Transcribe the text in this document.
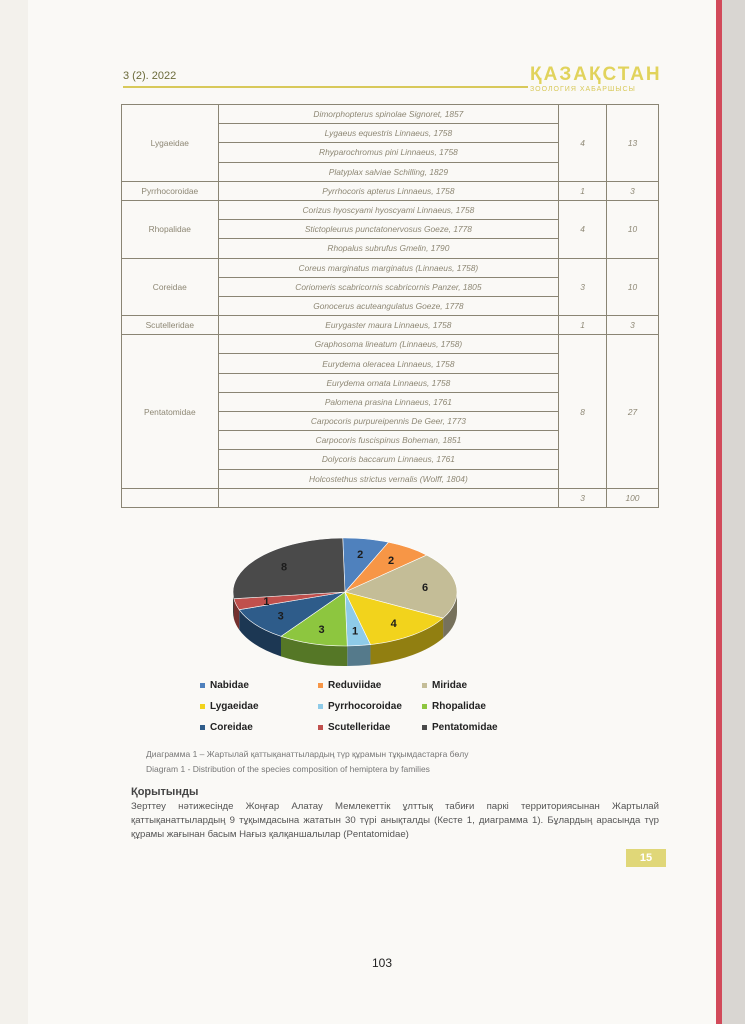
3 (2). 2022	ҚАЗАҚСТАН
ЗООЛОГИЯ ХАБАРШЫСЫ
Lygaeidae	Dimorphopterus spinolae Signoret, 1857	4	13
	Lygaeus equestris Linnaeus, 1758		
	Rhyparochromus pini Linnaeus, 1758		
	Platyplax salviae Schilling, 1829		
Pyrrhocoroidae	Pyrrhocoris apterus Linnaeus, 1758	1	3
Rhopalidae	Corizus hyoscyami hyoscyami Linnaeus, 1758	4	10
	Stictopleurus punctatonervosus Goeze, 1778		
	Rhopalus subrufus Gmelin, 1790		
Coreidae	Coreus marginatus marginatus (Linnaeus, 1758)	3	10
	Coriomeris scabricornis scabricornis Panzer, 1805		
	Gonocerus acuteangulatus Goeze, 1778		
Scutelleridae	Eurygaster maura Linnaeus, 1758	1	3
Pentatomidae	Graphosoma lineatum (Linnaeus, 1758)	8	27
	Eurydema oleracea Linnaeus, 1758		
	Eurydema ornata Linnaeus, 1758		
	Palomena prasina Linnaeus, 1761		
	Carpocoris purpureipennis De Geer, 1773		
	Carpocoris fuscispinus Boheman, 1851		
	Dolycoris baccarum Linnaeus, 1761		
	Holcostethus strictus vernalis (Wolff, 1804)		
		3	100
2
2
6
4
1
3
3
1
8
Nabidae	Reduviidae	Miridae
Lygaeidae	Pyrrhocoroidae	Rhopalidae
Coreidae	Scutelleridae	Pentatomidae
Диаграмма 1 – Жартылай қаттықанаттылардың түр құрамын тұқымдастарға бөлу
Diagram 1 - Distribution of the species composition of hemiptera by families
Қорытынды
Зерттеу нәтижесінде Жоңғар Алатау Мемлекеттік ұлттық табиғи паркі территориясынан Жартылай қаттықанаттылардың 9 тұқымдасына жататын 30 түрі анықталды (Кесте 1, диаграмма 1). Бұлардың арасында түр құрамы жағынан басым Нағыз қалқаншалылар (Pentatomidae)
15
103
